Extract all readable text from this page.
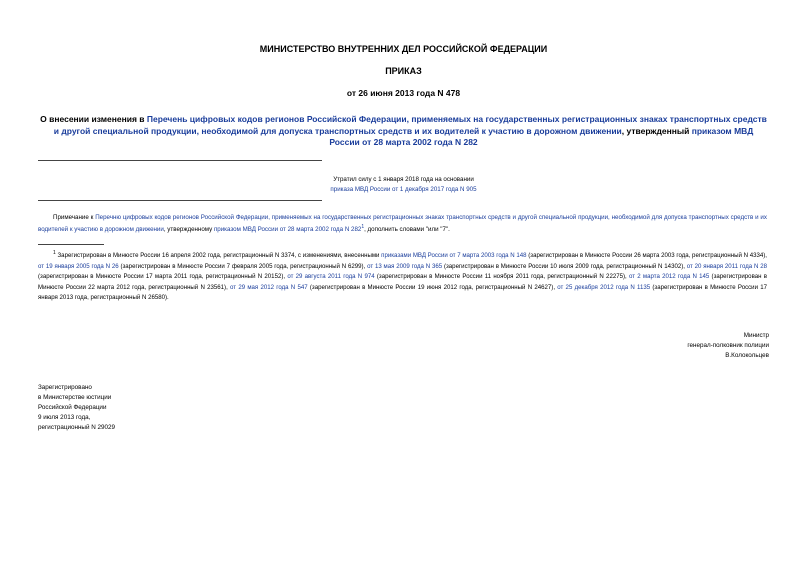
МИНИСТЕРСТВО ВНУТРЕННИХ ДЕЛ РОССИЙСКОЙ ФЕДЕРАЦИИ
ПРИКАЗ
от 26 июня 2013 года N 478
О внесении изменения в Перечень цифровых кодов регионов Российской Федерации, применяемых на государственных регистрационных знаках транспортных средств и другой специальной продукции, необходимой для допуска транспортных средств и их водителей к участию в дорожном движении, утвержденный приказом МВД России от 28 марта 2002 года N 282
Утратил силу с 1 января 2018 года на основании
приказа МВД России от 1 декабря 2017 года N 905
Примечание к Перечню цифровых кодов регионов Российской Федерации, применяемых на государственных регистрационных знаках транспортных средств и другой специальной продукции, необходимой для допуска транспортных средств и их водителей к участию в дорожном движении, утвержденному приказом МВД России от 28 марта 2002 года N $282^1$, дополнить словами "или "7".
$^1$ Зарегистрирован в Минюсте России 16 апреля 2002 года, регистрационный N 3374, с изменениями, внесенными приказами МВД России от 7 марта 2003 года N 148 (зарегистрирован в Минюсте России 26 марта 2003 года, регистрационный N 4334), от 19 января 2005 года N 26 (зарегистрирован в Минюсте России 7 февраля 2005 года, регистрационный N 6299), от 13 мая 2009 года N 365 (зарегистрирован в Минюсте России 10 июля 2009 года, регистрационный N 14302), от 20 января 2011 года N 28 (зарегистрирован в Минюсте России 17 марта 2011 года, регистрационный N 20152), от 29 августа 2011 года N 974 (зарегистрирован в Минюсте России 11 ноября 2011 года, регистрационный N 22275), от 2 марта 2012 года N 145 (зарегистрирован в Минюсте России 22 марта 2012 года, регистрационный N 23561), от 29 мая 2012 года N 547 (зарегистрирован в Минюсте России 19 июня 2012 года, регистрационный N 24627), от 25 декабря 2012 года N 1135 (зарегистрирован в Минюсте России 17 января 2013 года, регистрационный N 26580).
Министр
генерал-полковник полиции
В.Колокольцев
Зарегистрировано
в Министерстве юстиции
Российской Федерации
9 июля 2013 года,
регистрационный N 29029
